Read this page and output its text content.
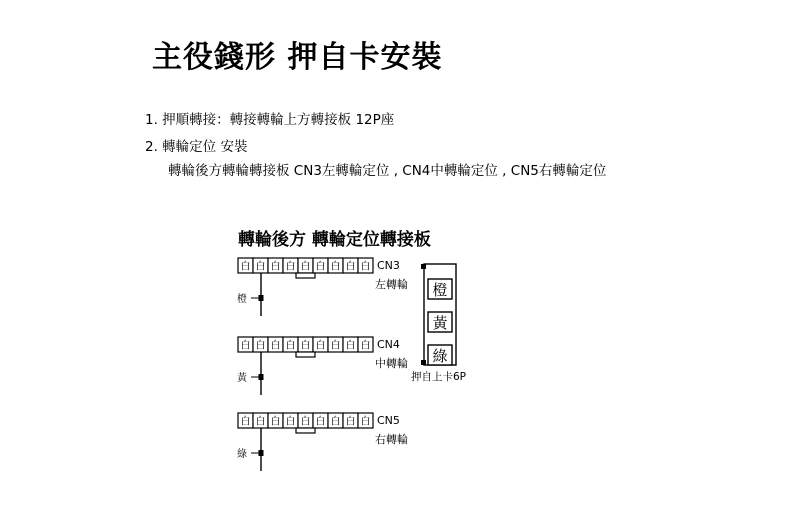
主役錢形 押自卡安裝
1. 押順轉接：轉接轉輪上方轉接板 12P座
2. 轉輪定位 安裝
轉輪後方轉輪轉接板 CN3左轉輪定位 , CN4中轉輪定位 , CN5右轉輪定位
轉輪後方 轉輪定位轉接板
白 白 白 白 白 白 白 白 白 CN3
左轉輪
橙
白 白 白 白 白 白 白 白 白 CN4
中轉輪
黃
白 白 白 白 白 白 白 白 白 CN5
右轉輪
綠
橙
黃
綠
押自上卡6P
